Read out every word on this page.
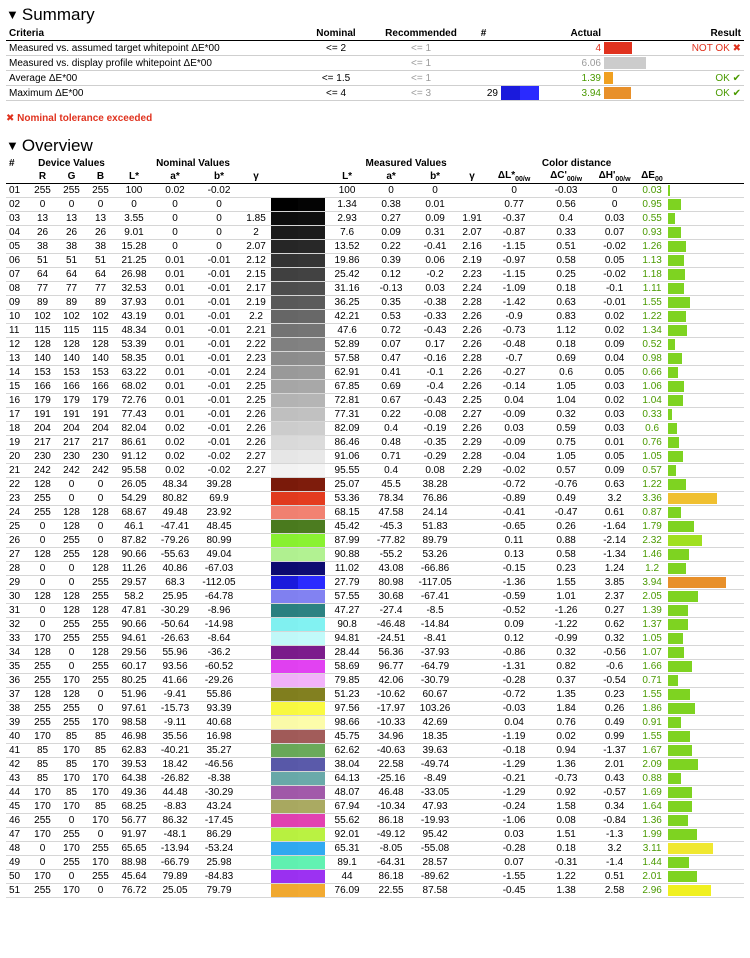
▼ Summary
Criteria	Nominal	Recommended	#		Actual		Result
Measured vs. assumed target whitepoint ΔE*00	<= 2	<= 1			4		NOT OK ✖
Measured vs. display profile whitepoint ΔE*00		<= 1			6.06	

Average ΔE*00	<= 1.5	<= 1			1.39		OK ✔
Maximum ΔE*00	<= 4	<= 3	29		3.94		OK ✔
✖ Nominal tolerance exceeded
▼ Overview
#	Device Values			Nominal Values					Measured Values				Color distance				
	R	G	B	L*	a*	b*	γ		L*	a*	b*	γ	$\Delta L*_{00/w}$	$\Delta C'_{00/w}$	$\Delta H'_{00/w}$	$\Delta E_{00}$
01	255	255	255	100	0.02	-0.02			100	0	0		0	-0.03	0	0.03	

02	0	0	0	0	0	0			1.34	0.38	0.01		0.77	0.56	0	0.95	

03	13	13	13	3.55	0	0	1.85		2.93	0.27	0.09	1.91	-0.37	0.4	0.03	0.55	

04	26	26	26	9.01	0	0	2		7.6	0.09	0.31	2.07	-0.87	0.33	0.07	0.93	

05	38	38	38	15.28	0	0	2.07		13.52	0.22	-0.41	2.16	-1.15	0.51	-0.02	1.26	

06	51	51	51	21.25	0.01	-0.01	2.12		19.86	0.39	0.06	2.19	-0.97	0.58	0.05	1.13	

07	64	64	64	26.98	0.01	-0.01	2.15		25.42	0.12	-0.2	2.23	-1.15	0.25	-0.02	1.18	

08	77	77	77	32.53	0.01	-0.01	2.17		31.16	-0.13	0.03	2.24	-1.09	0.18	-0.1	1.11	

09	89	89	89	37.93	0.01	-0.01	2.19		36.25	0.35	-0.38	2.28	-1.42	0.63	-0.01	1.55	

10	102	102	102	43.19	0.01	-0.01	2.2		42.21	0.53	-0.33	2.26	-0.9	0.83	0.02	1.22	

11	115	115	115	48.34	0.01	-0.01	2.21		47.6	0.72	-0.43	2.26	-0.73	1.12	0.02	1.34	

12	128	128	128	53.39	0.01	-0.01	2.22		52.89	0.07	0.17	2.26	-0.48	0.18	0.09	0.52	

13	140	140	140	58.35	0.01	-0.01	2.23		57.58	0.47	-0.16	2.28	-0.7	0.69	0.04	0.98	

14	153	153	153	63.22	0.01	-0.01	2.24		62.91	0.41	-0.1	2.26	-0.27	0.6	0.05	0.66	

15	166	166	166	68.02	0.01	-0.01	2.25		67.85	0.69	-0.4	2.26	-0.14	1.05	0.03	1.06	

16	179	179	179	72.76	0.01	-0.01	2.25		72.81	0.67	-0.43	2.25	0.04	1.04	0.02	1.04	

17	191	191	191	77.43	0.01	-0.01	2.26		77.31	0.22	-0.08	2.27	-0.09	0.32	0.03	0.33	

18	204	204	204	82.04	0.02	-0.01	2.26		82.09	0.4	-0.19	2.26	0.03	0.59	0.03	0.6	

19	217	217	217	86.61	0.02	-0.01	2.26		86.46	0.48	-0.35	2.29	-0.09	0.75	0.01	0.76	

20	230	230	230	91.12	0.02	-0.02	2.27		91.06	0.71	-0.29	2.28	-0.04	1.05	0.05	1.05	

21	242	242	242	95.58	0.02	-0.02	2.27		95.55	0.4	0.08	2.29	-0.02	0.57	0.09	0.57	

22	128	0	0	26.05	48.34	39.28			25.07	45.5	38.28		-0.72	-0.76	0.63	1.22	

23	255	0	0	54.29	80.82	69.9			53.36	78.34	76.86		-0.89	0.49	3.2	3.36	

24	255	128	128	68.67	49.48	23.92			68.15	47.58	24.14		-0.41	-0.47	0.61	0.87	

25	0	128	0	46.1	-47.41	48.45			45.42	-45.3	51.83		-0.65	0.26	-1.64	1.79	

26	0	255	0	87.82	-79.26	80.99			87.99	-77.82	89.79		0.11	0.88	-2.14	2.32	

27	128	255	128	90.66	-55.63	49.04			90.88	-55.2	53.26		0.13	0.58	-1.34	1.46	

28	0	0	128	11.26	40.86	-67.03			11.02	43.08	-66.86		-0.15	0.23	1.24	1.2	

29	0	0	255	29.57	68.3	-112.05			27.79	80.98	-117.05		-1.36	1.55	3.85	3.94	

30	128	128	255	58.2	25.95	-64.78			57.55	30.68	-67.41		-0.59	1.01	2.37	2.05	

31	0	128	128	47.81	-30.29	-8.96			47.27	-27.4	-8.5		-0.52	-1.26	0.27	1.39	

32	0	255	255	90.66	-50.64	-14.98			90.8	-46.48	-14.84		0.09	-1.22	0.62	1.37	

33	170	255	255	94.61	-26.63	-8.64			94.81	-24.51	-8.41		0.12	-0.99	0.32	1.05	

34	128	0	128	29.56	55.96	-36.2			28.44	56.36	-37.93		-0.86	0.32	-0.56	1.07	

35	255	0	255	60.17	93.56	-60.52			58.69	96.77	-64.79		-1.31	0.82	-0.6	1.66	

36	255	170	255	80.25	41.66	-29.26			79.85	42.06	-30.79		-0.28	0.37	-0.54	0.71	

37	128	128	0	51.96	-9.41	55.86			51.23	-10.62	60.67		-0.72	1.35	0.23	1.55	

38	255	255	0	97.61	-15.73	93.39			97.56	-17.97	103.26		-0.03	1.84	0.26	1.86	

39	255	255	170	98.58	-9.11	40.68			98.66	-10.33	42.69		0.04	0.76	0.49	0.91	

40	170	85	85	46.98	35.56	16.98			45.75	34.96	18.35		-1.19	0.02	0.99	1.55	

41	85	170	85	62.83	-40.21	35.27			62.62	-40.63	39.63		-0.18	0.94	-1.37	1.67	

42	85	85	170	39.53	18.42	-46.56			38.04	22.58	-49.74		-1.29	1.36	2.01	2.09	

43	85	170	170	64.38	-26.82	-8.38			64.13	-25.16	-8.49		-0.21	-0.73	0.43	0.88	

44	170	85	170	49.36	44.48	-30.29			48.07	46.48	-33.05		-1.29	0.92	-0.57	1.69	

45	170	170	85	68.25	-8.83	43.24			67.94	-10.34	47.93		-0.24	1.58	0.34	1.64	

46	255	0	170	56.77	86.32	-17.45			55.62	86.18	-19.93		-1.06	0.08	-0.84	1.36	

47	170	255	0	91.97	-48.1	86.29			92.01	-49.12	95.42		0.03	1.51	-1.3	1.99	

48	0	170	255	65.65	-13.94	-53.24			65.31	-8.05	-55.08		-0.28	0.18	3.2	3.11	

49	0	255	170	88.98	-66.79	25.98			89.1	-64.31	28.57		0.07	-0.31	-1.4	1.44	

50	170	0	255	45.64	79.89	-84.83			44	86.18	-89.62		-1.55	1.22	0.51	2.01	

51	255	170	0	76.72	25.05	79.79			76.09	22.55	87.58		-0.45	1.38	2.58	2.96	
